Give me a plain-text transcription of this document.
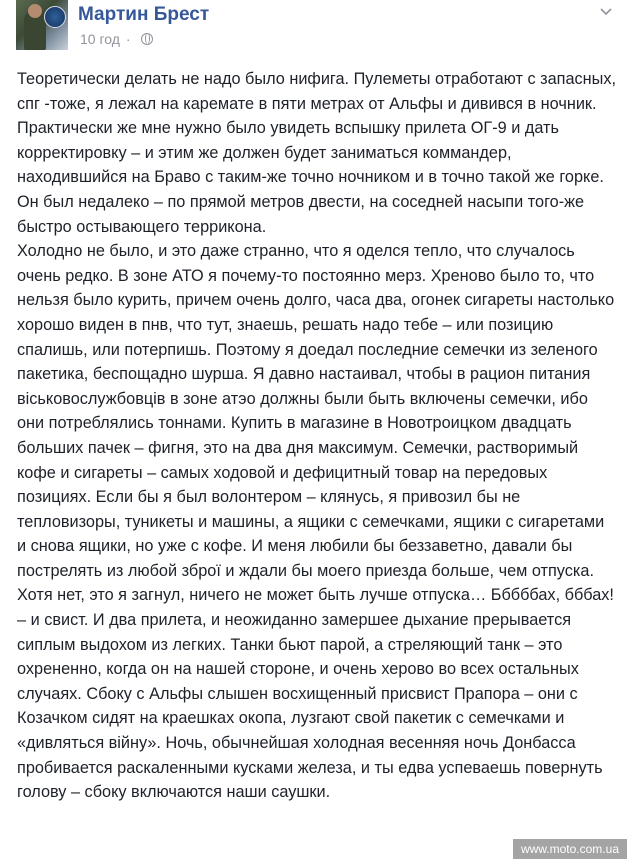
Мартин Брест
10 год ·

Теоретически делать не надо было нифига. Пулеметы отработают с запасных, спг -тоже, я лежал на каремате в пяти метрах от Альфы и дивився в ночник. Практически же мне нужно было увидеть вспышку прилета ОГ-9 и дать корректировку – и этим же должен будет заниматься коммандер, находившийся на Браво с таким-же точно ночником и в точно такой же горке. Он был недалеко – по прямой метров двести, на соседней насыпи того-же быстро остывающего терриконa.

Холодно не было, и это даже странно, что я оделся тепло, что случалось очень редко. В зоне АТО я почему-то постоянно мерз. Хреново было то, что нельзя было курить, причем очень долго, часа два, огонек сигареты настолько хорошо виден в пнв, что тут, знаешь, решать надо тебе – или позицию спалишь, или потерпишь. Поэтому я доедал последние семечки из зеленого пакетика, беспощадно шурша. Я давно настаивал, чтобы в рацион питания вiськовослужбовцiв в зоне атэо должны были быть включены семечки, ибо они потреблялись тоннами. Купить в магазине в Новотроицком двадцать больших пачек – фигня, это на два дня максимум. Семечки, растворимый кофе и сигареты – самых ходовой и дефицитный товар на передовых позициях. Если бы я был волонтером – клянусь, я привозил бы не тепловизоры, туникеты и машины, а ящики с семечками, ящики с сигаретами и снова ящики, но уже с кофе. И меня любили бы беззаветно, давали бы пострелять из любой зброї и ждали бы моего приезда больше, чем отпуска. Хотя нет, это я загнул, ничего не может быть лучше отпуска… Бббббах, бббах! – и свист. И два прилета, и неожиданно замершее дыхание прерывается сиплым выдохом из легких. Танки бьют парой, а стреляющий танк – это охрененно, когда он на нашей стороне, и очень херово во всех остальных случаях. Сбоку с Альфы слышен восхищенный присвист Прапора – они с Козачком сидят на краешках окопа, лузгают свой пакетик с семечками и «дивляться війну». Ночь, обычнейшая холодная весенняя ночь Донбасса пробивается раскаленными кусками железа, и ты едва успеваешь повернуть голову – сбоку включаются наши саушки.

www.moto.com.ua
